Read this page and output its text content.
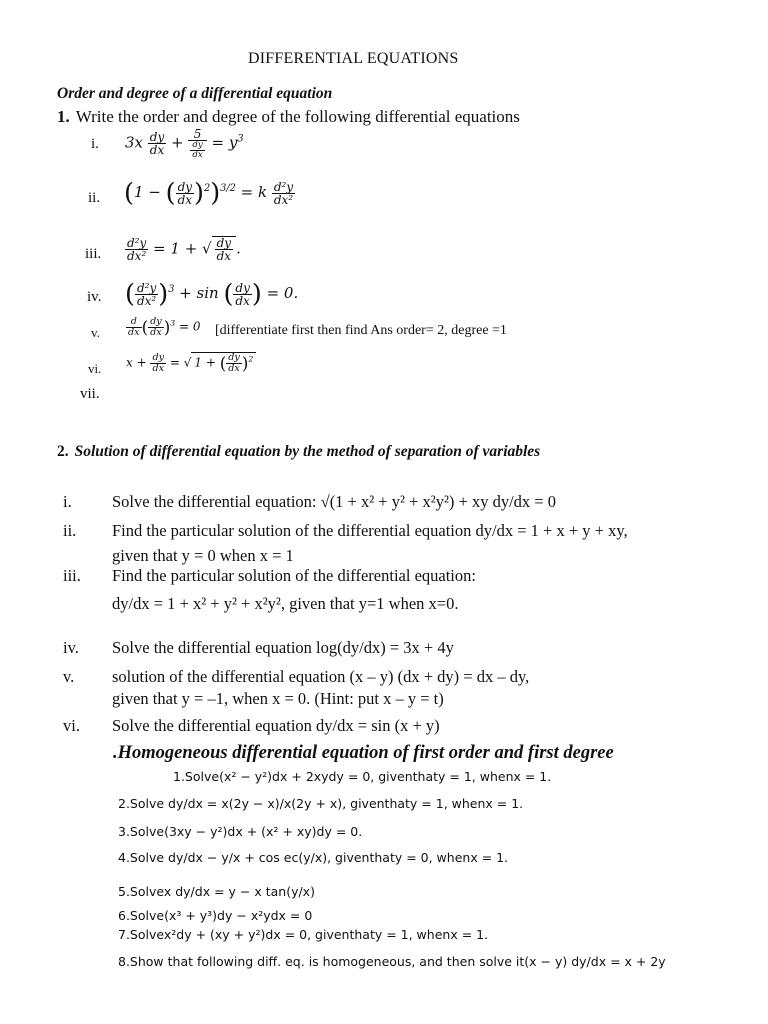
DIFFERENTIAL EQUATIONS
Order and degree of a differential equation
1. Write the order and degree of the following differential equations
i. $3x \frac{dy}{dx} + \frac{5}{\frac{dy}{dx}} = y^3$
ii. (1 − ( $\frac{dy}{dx} )^2)^{3/2} = k \frac{\text{d²y}}{\text{dx²}}$
iii. $\frac{\text{d²y}}{\text{dx²}} = 1$ + √ $\frac{dy}{dx}$ .
iv. ( $\frac{\text{d²y}}{\text{dx²}} )^3 + \sin$ ( $\frac{dy}{dx}$ ) = 0.
v.	$\frac{d}{dx}$ ( $\frac{dy}{dx} )^3 = 0$ [differentiate first then find Ans order= 2, degree =1
vi. $x + \frac{dy}{dx}$ = √ 1 + ( $\frac{dy}{dx} )^2$
vii.
2. Solution of differential equation by the method of separation of variables
i. Solve the differential equation: √(1 + x² + y² + x²y²) + xy dy/dx = 0
ii. Find the particular solution of the differential equation dy/dx = 1 + x + y + xy,
given that y = 0 when x = 1
iii. Find the particular solution of the differential equation:
dy/dx = 1 + x² + y² + x²y², given that y=1 when x=0.
iv. Solve the differential equation log(dy/dx) = 3x + 4y
v. solution of the differential equation (x – y) (dx + dy) = dx – dy,
given that y = –1, when x = 0. (Hint: put x – y = t)
vi. Solve the differential equation dy/dx = sin (x + y)
.Homogeneous differential equation of first order and first degree
1.Solve(x² − y²)dx + 2xydy = 0, giventhaty = 1, whenx = 1.
2.Solve dy/dx = x(2y − x)/x(2y + x), giventhaty = 1, whenx = 1.
3.Solve(3xy − y²)dx + (x² + xy)dy = 0.
4.Solve dy/dx − y/x + cos ec(y/x), giventhaty = 0, whenx = 1.
5.Solvex dy/dx = y − x tan(y/x)
6.Solve(x³ + y³)dy − x²ydx = 0
7.Solvex²dy + (xy + y²)dx = 0, giventhaty = 1, whenx = 1.
8.Show that following diff. eq. is homogeneous, and then solve it(x − y) dy/dx = x + 2y
